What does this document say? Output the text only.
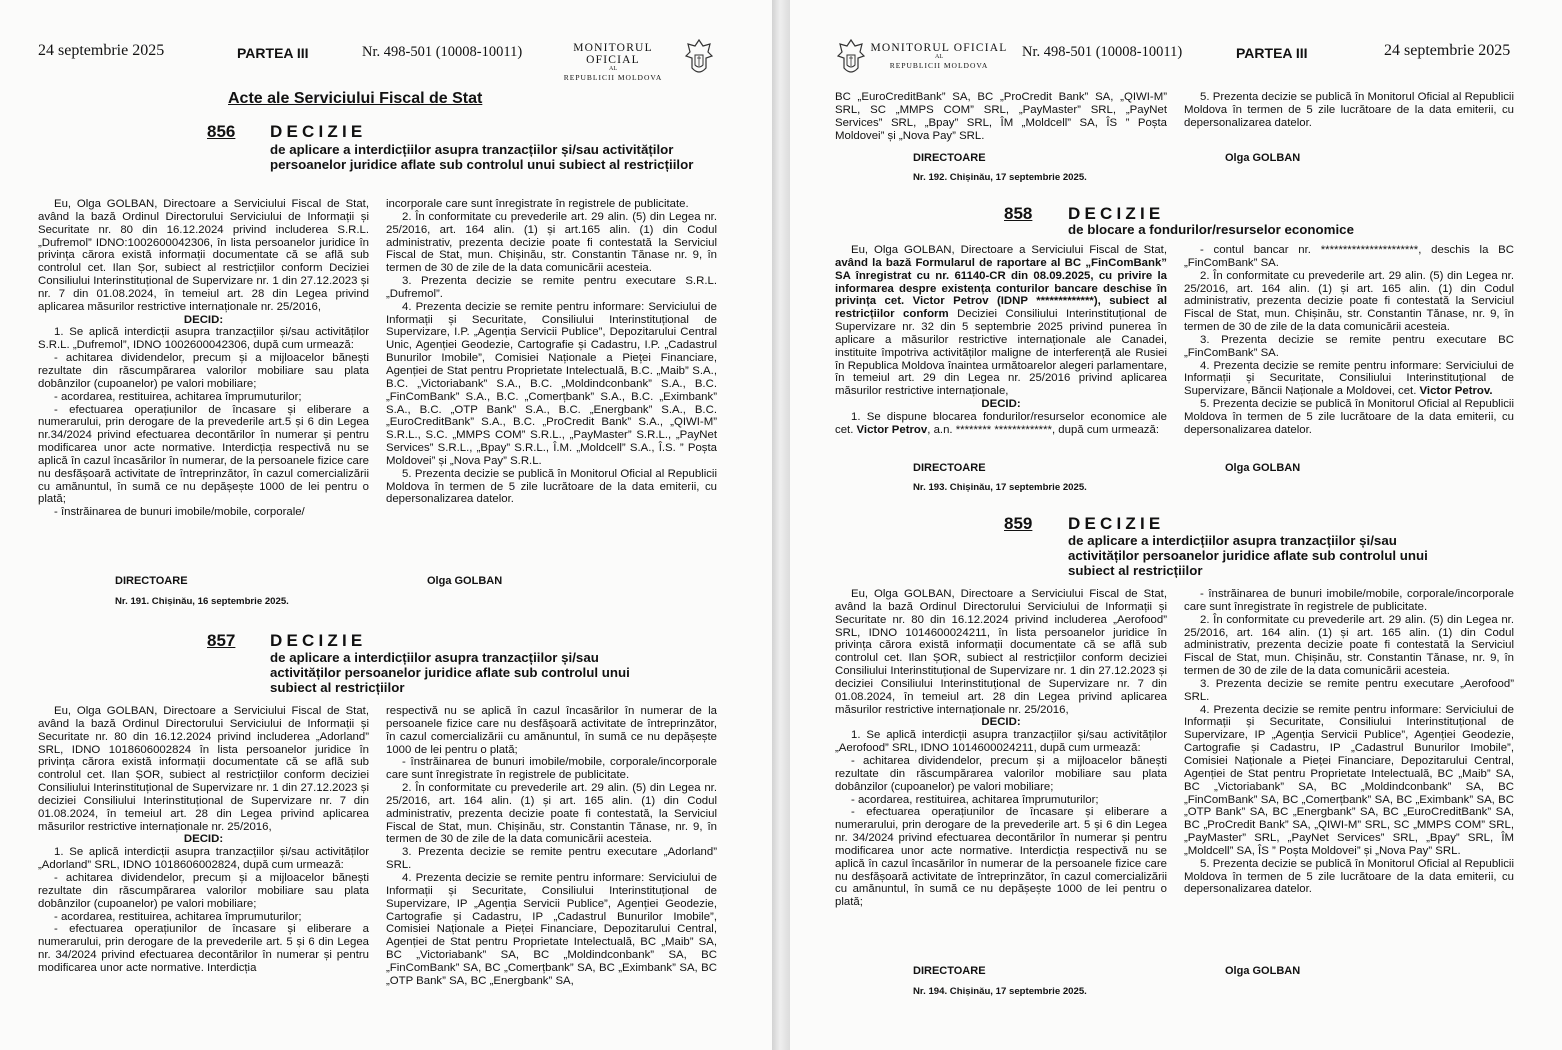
24 septembrie 2025	PARTEA III	Nr. 498-501 (10008-10011)	MONITORUL OFICIAL
AL
REPUBLICII MOLDOVA
Acte ale Serviciului Fiscal de Stat
856 DECIZIE
de aplicare a interdicțiilor asupra tranzacțiilor și/sau activităților persoanelor juridice aflate sub controlul unui subiect al restricțiilor

Eu, Olga GOLBAN, Directoare a Serviciului Fiscal de Stat, având la bază Ordinul Directorului Serviciului de Informații și Securitate nr. 80 din 16.12.2024 privind includerea S.R.L. „Dufremol” IDNO:1002600042306, în lista persoanelor juridice în privința cărora există informații documentate că se află sub controlul cet. Ilan Șor, subiect al restricțiilor conform Deciziei Consiliului Interinstituțional de Supervizare nr. 1 din 27.12.2023 și nr. 7 din 01.08.2024, în temeiul art. 28 din Legea privind aplicarea măsurilor restrictive internaționale nr. 25/2016,

DECID:

1. Se aplică interdicții asupra tranzacțiilor și/sau activităților S.R.L. „Dufremol”, IDNO 1002600042306, după cum urmează:

- achitarea dividendelor, precum și a mijloacelor bănești rezultate din răscumpărarea valorilor mobiliare sau plata dobânzilor (cupoanelor) pe valori mobiliare;

- acordarea, restituirea, achitarea împrumuturilor;

- efectuarea operațiunilor de încasare și eliberare a numerarului, prin derogare de la prevederile art.5 și 6 din Legea nr.34/2024 privind efectuarea decontărilor în numerar și pentru modificarea unor acte normative. Interdicția respectivă nu se aplică în cazul încasărilor în numerar, de la persoanele fizice care nu desfășoară activitate de întreprinzător, în cazul comercializării cu amănuntul, în sumă ce nu depășește 1000 de lei pentru o plată;

- înstrăinarea de bunuri imobile/mobile, corporale/

incorporale care sunt înregistrate în registrele de publicitate.

2. În conformitate cu prevederile art. 29 alin. (5) din Legea nr. 25/2016, art. 164 alin. (1) și art.165 alin. (1) din Codul administrativ, prezenta decizie poate fi contestată la Serviciul Fiscal de Stat, mun. Chișinău, str. Constantin Tănase nr. 9, în termen de 30 de zile de la data comunicării acesteia.

3. Prezenta decizie se remite pentru executare S.R.L. „Dufremol”.

4. Prezenta decizie se remite pentru informare: Serviciului de Informații și Securitate, Consiliului Interinstituțional de Supervizare, I.P. „Agenția Servicii Publice”, Depozitarului Central Unic, Agenției Geodezie, Cartografie și Cadastru, I.P. „Cadastrul Bunurilor Imobile”, Comisiei Naționale a Pieței Financiare, Agenției de Stat pentru Proprietate Intelectuală, B.C. „Maib” S.A., B.C. „Victoriabank” S.A., B.C. „Moldindconbank” S.A., B.C. „FinComBank” S.A., B.C. „Comerțbank” S.A., B.C. „Eximbank” S.A., B.C. „OTP Bank” S.A., B.C. „Energbank” S.A., B.C. „EuroCreditBank” S.A., B.C. „ProCredit Bank” S.A., „QIWI-M” S.R.L., S.C. „MMPS COM” S.R.L., „PayMaster” S.R.L., „PayNet Services” S.R.L., „Bpay” S.R.L., Î.M. „Moldcell” S.A., Î.S. ” Poșta Moldovei” și „Nova Pay” S.R.L.

5. Prezenta decizie se publică în Monitorul Oficial al Republicii Moldova în termen de 5 zile lucrătoare de la data emiterii, cu depersonalizarea datelor.

DIRECTOARE	Olga GOLBAN
Nr. 191. Chișinău, 16 septembrie 2025.
857 DECIZIE
de aplicare a interdicțiilor asupra tranzacțiilor și/sau activităților persoanelor juridice aflate sub controlul unui subiect al restricțiilor

Eu, Olga GOLBAN, Directoare a Serviciului Fiscal de Stat, având la bază Ordinul Directorului Serviciului de Informații și Securitate nr. 80 din 16.12.2024 privind includerea „Adorland” SRL, IDNO 1018606002824 în lista persoanelor juridice în privința cărora există informații documentate că se află sub controlul cet. Ilan ȘOR, subiect al restricțiilor conform deciziei Consiliului Interinstituțional de Supervizare nr. 1 din 27.12.2023 și deciziei Consiliului Interinstituțional de Supervizare nr. 7 din 01.08.2024, în temeiul art. 28 din Legea privind aplicarea măsurilor restrictive internaționale nr. 25/2016,

DECID:

1. Se aplică interdicții asupra tranzacțiilor și/sau activităților „Adorland” SRL, IDNO 1018606002824, după cum urmează:

- achitarea dividendelor, precum și a mijloacelor bănești rezultate din răscumpărarea valorilor mobiliare sau plata dobânzilor (cupoanelor) pe valori mobiliare;

- acordarea, restituirea, achitarea împrumuturilor;

- efectuarea operațiunilor de încasare și eliberare a numerarului, prin derogare de la prevederile art. 5 și 6 din Legea nr. 34/2024 privind efectuarea decontărilor în numerar și pentru modificarea unor acte normative. Interdicția

respectivă nu se aplică în cazul încasărilor în numerar de la persoanele fizice care nu desfășoară activitate de întreprinzător, în cazul comercializării cu amănuntul, în sumă ce nu depășește 1000 de lei pentru o plată;

- înstrăinarea de bunuri imobile/mobile, corporale/incorporale care sunt înregistrate în registrele de publicitate.

2. În conformitate cu prevederile art. 29 alin. (5) din Legea nr. 25/2016, art. 164 alin. (1) și art. 165 alin. (1) din Codul administrativ, prezenta decizie poate fi contestată, la Serviciul Fiscal de Stat, mun. Chișinău, str. Constantin Tănase, nr. 9, în termen de 30 de zile de la data comunicării acesteia.

3. Prezenta decizie se remite pentru executare „Adorland” SRL.

4. Prezenta decizie se remite pentru informare: Serviciului de Informații și Securitate, Consiliului Interinstituțional de Supervizare, IP „Agenția Servicii Publice”, Agenției Geodezie, Cartografie și Cadastru, IP „Cadastrul Bunurilor Imobile”, Comisiei Naționale a Pieței Financiare, Depozitarului Central, Agenției de Stat pentru Proprietate Intelectuală, BC „Maib” SA, BC „Victoriabank” SA, BC „Moldindconbank” SA, BC „FinComBank” SA, BC „Comerțbank” SA, BC „Eximbank” SA, BC „OTP Bank” SA, BC „Energbank” SA,

MONITORUL OFICIAL
AL
REPUBLICII MOLDOVA
Nr. 498-501 (10008-10011)	PARTEA III	24 septembrie 2025

BC „EuroCreditBank” SA, BC „ProCredit Bank” SA, „QIWI-M” SRL, SC „MMPS COM” SRL, „PayMaster” SRL, „PayNet Services” SRL, „Bpay” SRL, ÎM „Moldcell” SA, ÎS ” Poșta Moldovei” și „Nova Pay” SRL.

5. Prezenta decizie se publică în Monitorul Oficial al Republicii Moldova în termen de 5 zile lucrătoare de la data emiterii, cu depersonalizarea datelor.

DIRECTOARE	Olga GOLBAN
Nr. 192. Chișinău, 17 septembrie 2025.
858 DECIZIE
de blocare a fondurilor/resurselor economice

Eu, Olga GOLBAN, Directoare a Serviciului Fiscal de Stat, având la bază Formularul de raportare al BC „FinComBank” SA înregistrat cu nr. 61140-CR din 08.09.2025, cu privire la informarea despre existența conturilor bancare deschise în privința cet. Victor Petrov (IDNP *************), subiect al restricțiilor conform Deciziei Consiliului Interinstituțional de Supervizare nr. 32 din 5 septembrie 2025 privind punerea în aplicare a măsurilor restrictive internaționale ale Canadei, instituite împotriva activităților maligne de interferență ale Rusiei în Republica Moldova înaintea următoarelor alegeri parlamentare, în temeiul art. 29 din Legea nr. 25/2016 privind aplicarea măsurilor restrictive internaționale,

DECID:

1. Se dispune blocarea fondurilor/resurselor economice ale cet. Victor Petrov, a.n. ******** *************, după cum urmează:

- contul bancar nr. **********************, deschis la BC „FinComBank” SA.

2. În conformitate cu prevederile art. 29 alin. (5) din Legea nr. 25/2016, art. 164 alin. (1) și art. 165 alin. (1) din Codul administrativ, prezenta decizie poate fi contestată la Serviciul Fiscal de Stat, mun. Chișinău, str. Constantin Tănase, nr. 9, în termen de 30 de zile de la data comunicării acesteia.

3. Prezenta decizie se remite pentru executare BC „FinComBank” SA.

4. Prezenta decizie se remite pentru informare: Serviciului de Informații și Securitate, Consiliului Interinstituțional de Supervizare, Băncii Naționale a Moldovei, cet. Victor Petrov.

5. Prezenta decizie se publică în Monitorul Oficial al Republicii Moldova în termen de 5 zile lucrătoare de la data emiterii, cu depersonalizarea datelor.

DIRECTOARE	Olga GOLBAN
Nr. 193. Chișinău, 17 septembrie 2025.
859 DECIZIE
de aplicare a interdicțiilor asupra tranzacțiilor și/sau activităților persoanelor juridice aflate sub controlul unui subiect al restricțiilor

Eu, Olga GOLBAN, Directoare a Serviciului Fiscal de Stat, având la bază Ordinul Directorului Serviciului de Informații și Securitate nr. 80 din 16.12.2024 privind includerea „Aerofood” SRL, IDNO 1014600024211, în lista persoanelor juridice în privința cărora există informații documentate că se află sub controlul cet. Ilan ȘOR, subiect al restricțiilor conform deciziei Consiliului Interinstituțional de Supervizare nr. 1 din 27.12.2023 și deciziei Consiliului Interinstituțional de Supervizare nr. 7 din 01.08.2024, în temeiul art. 28 din Legea privind aplicarea măsurilor restrictive internaționale nr. 25/2016,

DECID:

1. Se aplică interdicții asupra tranzacțiilor și/sau activităților „Aerofood” SRL, IDNO 1014600024211, după cum urmează:

- achitarea dividendelor, precum și a mijloacelor bănești rezultate din răscumpărarea valorilor mobiliare sau plata dobânzilor (cupoanelor) pe valori mobiliare;

- acordarea, restituirea, achitarea împrumuturilor;

- efectuarea operațiunilor de încasare și eliberare a numerarului, prin derogare de la prevederile art. 5 și 6 din Legea nr. 34/2024 privind efectuarea decontărilor în numerar și pentru modificarea unor acte normative. Interdicția respectivă nu se aplică în cazul încasărilor în numerar de la persoanele fizice care nu desfășoară activitate de întreprinzător, în cazul comercializării cu amănuntul, în sumă ce nu depășește 1000 de lei pentru o plată;

- înstrăinarea de bunuri imobile/mobile, corporale/incorporale care sunt înregistrate în registrele de publicitate.

2. În conformitate cu prevederile art. 29 alin. (5) din Legea nr. 25/2016, art. 164 alin. (1) și art. 165 alin. (1) din Codul administrativ, prezenta decizie poate fi contestată la Serviciul Fiscal de Stat, mun. Chișinău, str. Constantin Tănase, nr. 9, în termen de 30 de zile de la data comunicării acesteia.

3. Prezenta decizie se remite pentru executare „Aerofood” SRL.

4. Prezenta decizie se remite pentru informare: Serviciului de Informații și Securitate, Consiliului Interinstituțional de Supervizare, IP „Agenția Servicii Publice”, Agenției Geodezie, Cartografie și Cadastru, IP „Cadastrul Bunurilor Imobile”, Comisiei Naționale a Pieței Financiare, Depozitarului Central, Agenției de Stat pentru Proprietate Intelectuală, BC „Maib” SA, BC „Victoriabank” SA, BC „Moldindconbank” SA, BC „FinComBank” SA, BC „Comerțbank” SA, BC „Eximbank” SA, BC „OTP Bank” SA, BC „Energbank” SA, BC „EuroCreditBank” SA, BC „ProCredit Bank” SA, „QIWI-M” SRL, SC „MMPS COM” SRL, „PayMaster” SRL, „PayNet Services” SRL, „Bpay” SRL, ÎM „Moldcell” SA, ÎS ” Poșta Moldovei” și „Nova Pay” SRL.

5. Prezenta decizie se publică în Monitorul Oficial al Republicii Moldova în termen de 5 zile lucrătoare de la data emiterii, cu depersonalizarea datelor.

DIRECTOARE	Olga GOLBAN
Nr. 194. Chișinău, 17 septembrie 2025.
